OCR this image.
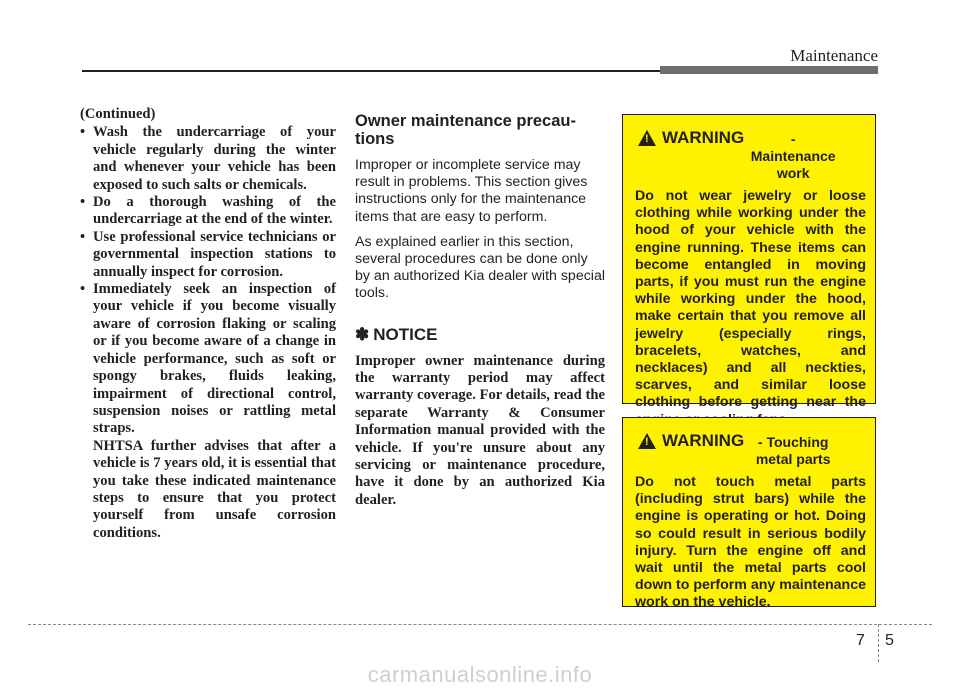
Maintenance
(Continued)
• Wash the undercarriage of your vehicle regularly during the winter and whenever your vehicle has been exposed to such salts or chemicals.
• Do a thorough washing of the undercarriage at the end of the winter.
• Use professional service technicians or governmental inspection stations to annually inspect for corrosion.
• Immediately seek an inspection of your vehicle if you become visually aware of corrosion flaking or scaling or if you become aware of a change in vehicle performance, such as soft or spongy brakes, fluids leaking, impairment of directional control, suspension noises or rattling metal straps.
NHTSA further advises that after a vehicle is 7 years old, it is essential that you take these indicated maintenance steps to ensure that you protect yourself from unsafe corrosion conditions.
Owner maintenance precautions

Improper or incomplete service may result in problems. This section gives instructions only for the maintenance items that are easy to perform.

As explained earlier in this section, several procedures can be done only by an authorized Kia dealer with special tools.

✽ NOTICE

Improper owner maintenance during the warranty period may affect warranty coverage. For details, read the separate Warranty & Consumer Information manual provided with the vehicle. If you're unsure about any servicing or maintenance procedure, have it done by an authorized Kia dealer.

!
WARNING	- Maintenance work

Do not wear jewelry or loose clothing while working under the hood of your vehicle with the engine running. These items can become entangled in moving parts, if you must run the engine while working under the hood, make certain that you remove all jewelry (especially rings, bracelets, watches, and necklaces) and all neckties, scarves, and similar loose clothing before getting near the

!
WARNING - Touching metal parts

Do not touch metal parts (including strut bars) while the engine is operating or hot. Doing so could result in serious bodily injury. Turn the engine off and wait until the metal parts cool down to perform any maintenance work on the vehicle.

7 5
carmanualsonline.info
